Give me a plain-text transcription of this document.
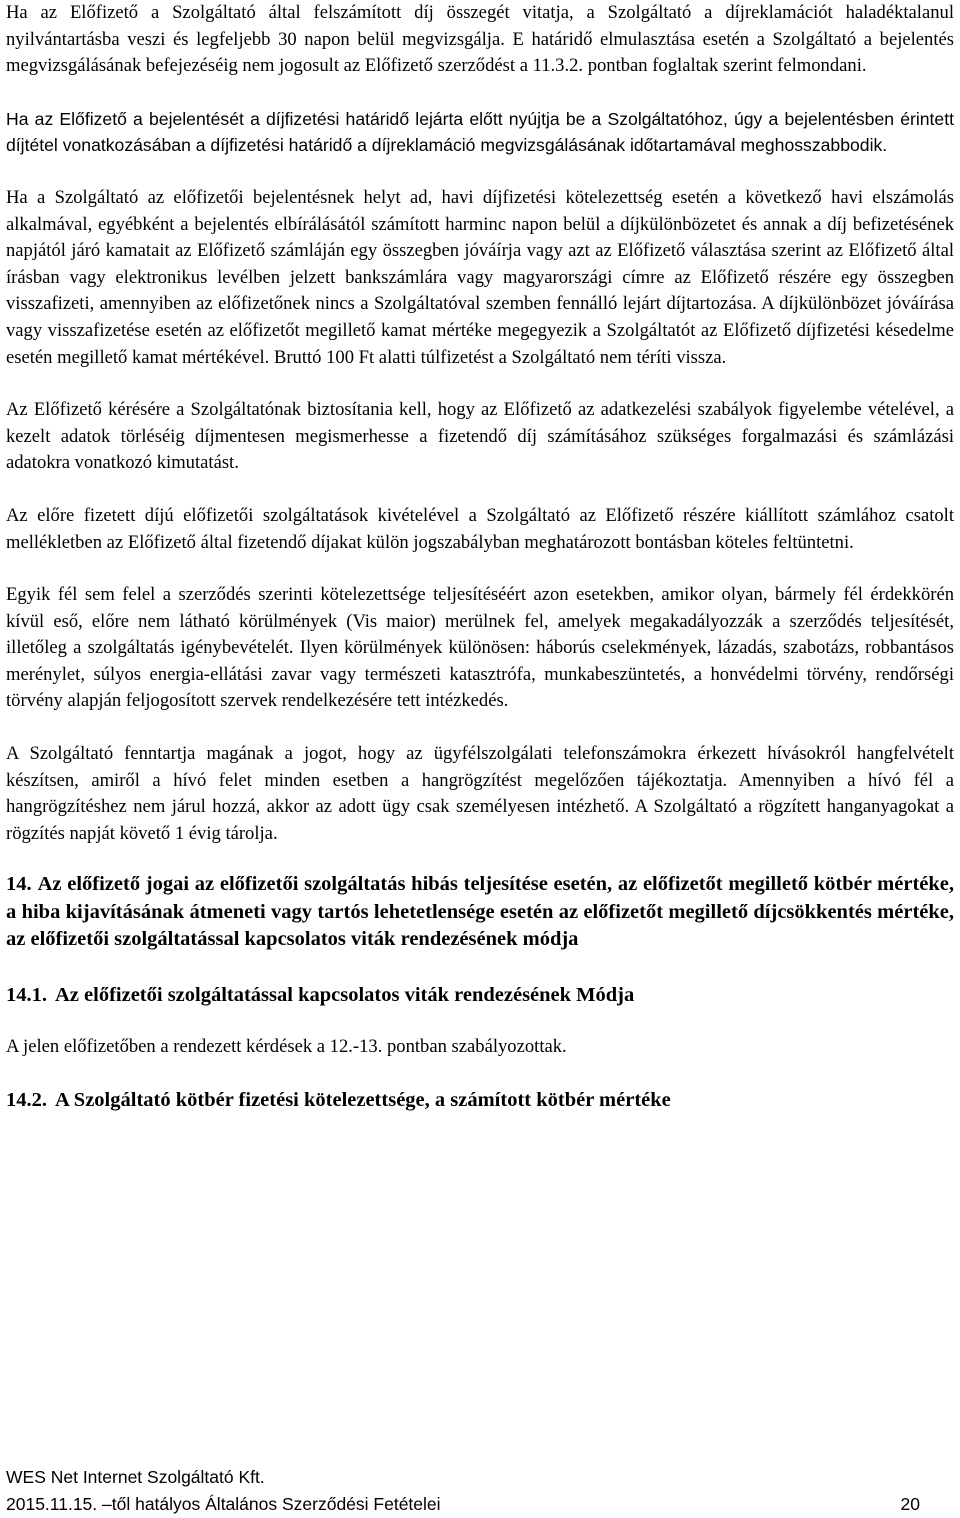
Ha az Előfizető a Szolgáltató által felszámított díj összegét vitatja, a Szolgáltató a díjreklamációt haladéktalanul nyilvántartásba veszi és legfeljebb 30 napon belül megvizsgálja. E határidő elmulasztása esetén a Szolgáltató a bejelentés megvizsgálásának befejezéséig nem jogosult az Előfizető szerződést a 11.3.2. pontban foglaltak szerint felmondani.

Ha az Előfizető a bejelentését a díjfizetési határidő lejárta előtt nyújtja be a Szolgáltatóhoz, úgy a bejelentésben érintett díjtétel vonatkozásában a díjfizetési határidő a díjreklamáció megvizsgálásának időtartamával meghosszabbodik.

Ha a Szolgáltató az előfizetői bejelentésnek helyt ad, havi díjfizetési kötelezettség esetén a következő havi elszámolás alkalmával, egyébként a bejelentés elbírálásától számított harminc napon belül a díjkülönbözetet és annak a díj befizetésének napjától járó kamatait az Előfizető számláján egy összegben jóváírja vagy azt az Előfizető választása szerint az Előfizető által írásban vagy elektronikus levélben jelzett bankszámlára vagy magyarországi címre az Előfizető részére egy összegben visszafizeti, amennyiben az előfizetőnek nincs a Szolgáltatóval szemben fennálló lejárt díjtartozása. A díjkülönbözet jóváírása vagy visszafizetése esetén az előfizetőt megillető kamat mértéke megegyezik a Szolgáltatót az Előfizető díjfizetési késedelme esetén megillető kamat mértékével. Bruttó 100 Ft alatti túlfizetést a Szolgáltató nem téríti vissza.

Az Előfizető kérésére a Szolgáltatónak biztosítania kell, hogy az Előfizető az adatkezelési szabályok figyelembe vételével, a kezelt adatok törléséig díjmentesen megismerhesse a fizetendő díj számításához szükséges forgalmazási és számlázási adatokra vonatkozó kimutatást.

Az előre fizetett díjú előfizetői szolgáltatások kivételével a Szolgáltató az Előfizető részére kiállított számlához csatolt mellékletben az Előfizető által fizetendő díjakat külön jogszabályban meghatározott bontásban köteles feltüntetni.

Egyik fél sem felel a szerződés szerinti kötelezettsége teljesítéséért azon esetekben, amikor olyan, bármely fél érdekkörén kívül eső, előre nem látható körülmények (Vis maior) merülnek fel, amelyek megakadályozzák a szerződés teljesítését, illetőleg a szolgáltatás igénybevételét. Ilyen körülmények különösen: háborús cselekmények, lázadás, szabotázs, robbantásos merénylet, súlyos energia-ellátási zavar vagy természeti katasztrófa, munkabeszüntetés, a honvédelmi törvény, rendőrségi törvény alapján feljogosított szervek rendelkezésére tett intézkedés.

A Szolgáltató fenntartja magának a jogot, hogy az ügyfélszolgálati telefonszámokra érkezett hívásokról hangfelvételt készítsen, amiről a hívó felet minden esetben a hangrögzítést megelőzően tájékoztatja. Amennyiben a hívó fél a hangrögzítéshez nem járul hozzá, akkor az adott ügy csak személyesen intézhető. A Szolgáltató a rögzített hanganyagokat a rögzítés napját követő 1 évig tárolja.

14. Az előfizető jogai az előfizetői szolgáltatás hibás teljesítése esetén, az előfizetőt megillető kötbér mértéke, a hiba kijavításának átmeneti vagy tartós lehetetlensége esetén az előfizetőt megillető díjcsökkentés mértéke, az előfizetői szolgáltatással kapcsolatos viták rendezésének módja
14.1. Az előfizetői szolgáltatással kapcsolatos viták rendezésének Módja

A jelen előfizetőben a rendezett kérdések a 12.-13. pontban szabályozottak.

14.2. A Szolgáltató kötbér fizetési kötelezettsége, a számított kötbér mértéke
WES Net Internet Szolgáltató Kft.
2015.11.15. –től hatályos Általános Szerződési Fetételei	20
